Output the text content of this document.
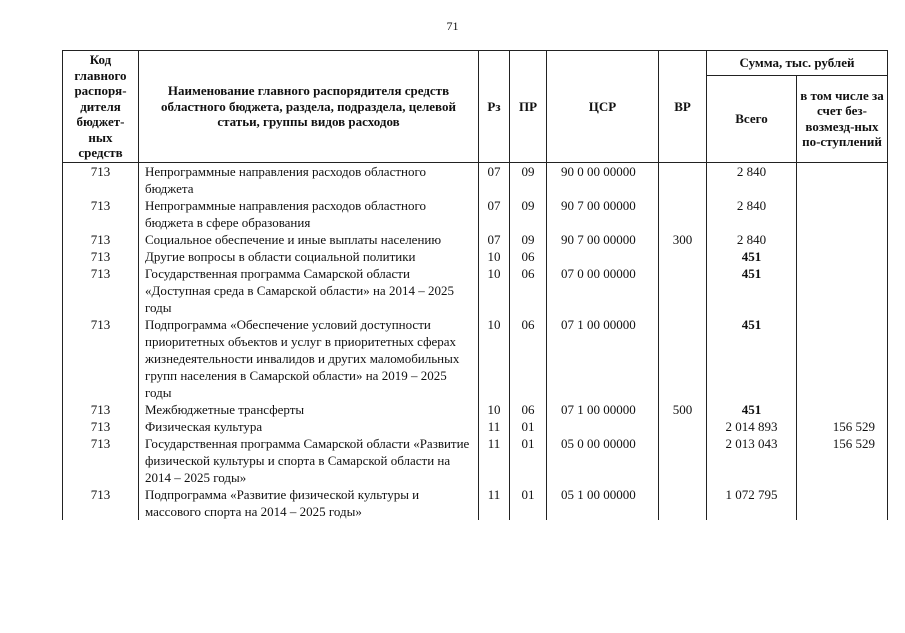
71
Код главного распоря-дителя бюджет-ных средств	Наименование главного распорядителя средств областного бюджета, раздела, подраздела, целевой статьи, группы видов расходов	Рз	ПР	ЦСР	ВР	Сумма, тыс. рублей	
						Всего	в том числе за счет без-возмезд-ных по-ступлений
713	Непрограммные направления расходов областного бюджета	07	09	90 0 00 00000		2 840	
713	Непрограммные направления расходов областного бюджета в сфере образования	07	09	90 7 00 00000		2 840	
713	Социальное обеспечение и иные выплаты населению	07	09	90 7 00 00000	300	2 840	
713	Другие вопросы в области социальной политики	10	06			451	
713	Государственная программа Самарской области «Доступная среда в Самарской области» на 2014 – 2025 годы	10	06	07 0 00 00000		451	
713	Подпрограмма «Обеспечение условий доступности приоритетных объектов и услуг в приоритетных сферах жизнедеятельности инвалидов и других маломобильных групп населения в Самарской области» на 2019 – 2025 годы	10	06	07 1 00 00000		451	
713	Межбюджетные трансферты	10	06	07 1 00 00000	500	451	
713	Физическая культура	11	01			2 014 893	156 529
713	Государственная программа Самарской области «Развитие физической культуры и спорта в Самарской области на 2014 – 2025 годы»	11	01	05 0 00 00000		2 013 043	156 529
713	Подпрограмма «Развитие физической культуры и массового спорта на 2014 – 2025 годы»	11	01	05 1 00 00000		1 072 795	
